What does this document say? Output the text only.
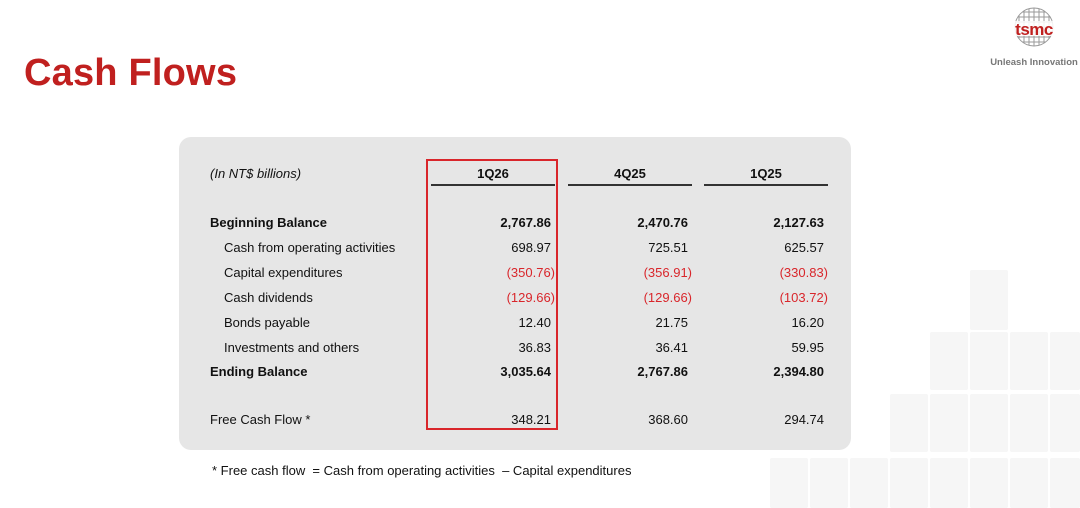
Cash Flows
tsmc
Unleash Innovation
(In NT$ billions)	1Q26	4Q25	1Q25
Beginning Balance	2,767.86	2,470.76	2,127.63
Cash from operating activities	698.97	725.51	625.57
Capital expenditures	(350.76)	(356.91)	(330.83)
Cash dividends	(129.66)	(129.66)	(103.72)
Bonds payable	12.40	21.75	16.20
Investments and others	36.83	36.41	59.95
Ending Balance	3,035.64	2,767.86	2,394.80
Free Cash Flow *	348.21	368.60	294.74
* Free cash flow  = Cash from operating activities  – Capital expenditures
